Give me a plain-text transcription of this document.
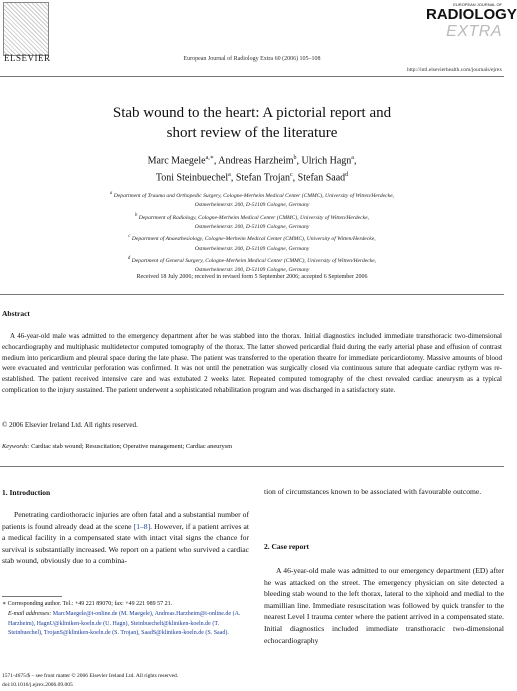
ELSEVIER	European Journal of Radiology Extra 60 (2006) 105–108
http://intl.elsevierhealth.com/journals/ejrex
EUROPEAN JOURNAL OF
RADIOLOGY
EXTRA
Stab wound to the heart: A pictorial report and
short review of the literature
Marc Maegele$^{a,∗}$, Andreas Harzheim$^b$, Ulrich Hagn$^a$,
Toni Steinbuechel$^a$, Stefan Trojan$^c$, Stefan Saad$^d$
$^a$ Department of Trauma and Orthopedic Surgery, Cologne-Merheim Medical Center (CMMC), University of Witten/Herdecke,
Ostmerheimerstr. 200, D-51109 Cologne, Germany
$^b$ Department of Radiology, Cologne-Merheim Medical Center (CMMC), University of Witten/Herdecke,
Ostmerheimerstr. 200, D-51109 Cologne, Germany
$^c$ Department of Anaesthesiology, Cologne-Merheim Medical Center (CMMC), University of Witten/Herdecke,
Ostmerheimerstr. 200, D-51109 Cologne, Germany
$^d$ Department of General Surgery, Cologne-Merheim Medical Center (CMMC), University of Witten/Herdecke,
Ostmerheimerstr. 200, D-51109 Cologne, Germany
Received 18 July 2006; received in revised form 5 September 2006; accepted 6 September 2006
Abstract
A 46-year-old male was admitted to the emergency department after he was stabbed into the thorax. Initial diagnostics included immediate transthoracic two-dimensional echocardiography and multiphasic multidetector computed tomography of the thorax. The latter showed pericardial fluid during the early arterial phase and effusion of contrast medium into pericardium and pleural space during the late phase. The patient was transferred to the operation theatre for immediate pericardiotomy. Massive amounts of blood were evacuated and ventricular perforation was confirmed. It was not until the penetration was surgically closed via continuous suture that adequate cardiac rythym was re-established. The patient received intensive care and was extubated 2 weeks later. Repeated computed tomography of the chest revealed cardiac aneurysm as a typical complication to the injury sustained. The patient underwent a sophisticated rehabilitation program and was discharged in a satisfactory state.
© 2006 Elsevier Ireland Ltd. All rights reserved.
Keywords: Cardiac stab wound; Resuscitation; Operative management; Cardiac aneurysm
1. Introduction
Penetrating cardiothoracic injuries are often fatal and a substantial number of patients is found already dead at the scene [1–8]. However, if a patient arrives at a medical facility in a compensated state with intact vital signs the chance for survival is substantially increased. We report on a patient who survived a cardiac stab wound, obviously due to a combina-
∗ Corresponding author. Tel.: +49 221 89070; fax: +49 221 989 57 21.
E-mail addresses: MarcMaegele@t-online.de (M. Maegele), Andreas.Harzheim@t-online.de (A. Harzheim), HagnU@kliniken-koeln.de (U. Hagn), Steinbuechelt@kliniken-koeln.de (T. Steinbuechel), TrojanS@kliniken-koeln.de (S. Trojan), SaadS@kliniken-koeln.de (S. Saad).
1571-4675/$ – see front matter © 2006 Elsevier Ireland Ltd. All rights reserved.
doi:10.1016/j.ejrex.2006.09.005
tion of circumstances known to be associated with favourable outcome.
2. Case report
A 46-year-old male was admitted to our emergency department (ED) after he was attacked on the street. The emergency physician on site detected a bleeding stab wound to the left thorax, lateral to the xiphoid and medial to the mamillian line. Immediate resuscitation was followed by quick transfer to the nearest Level I trauma center where the patient arrived in a compensated state. Initial diagnostics included immediate transthoracic two-dimensional echocardiography
